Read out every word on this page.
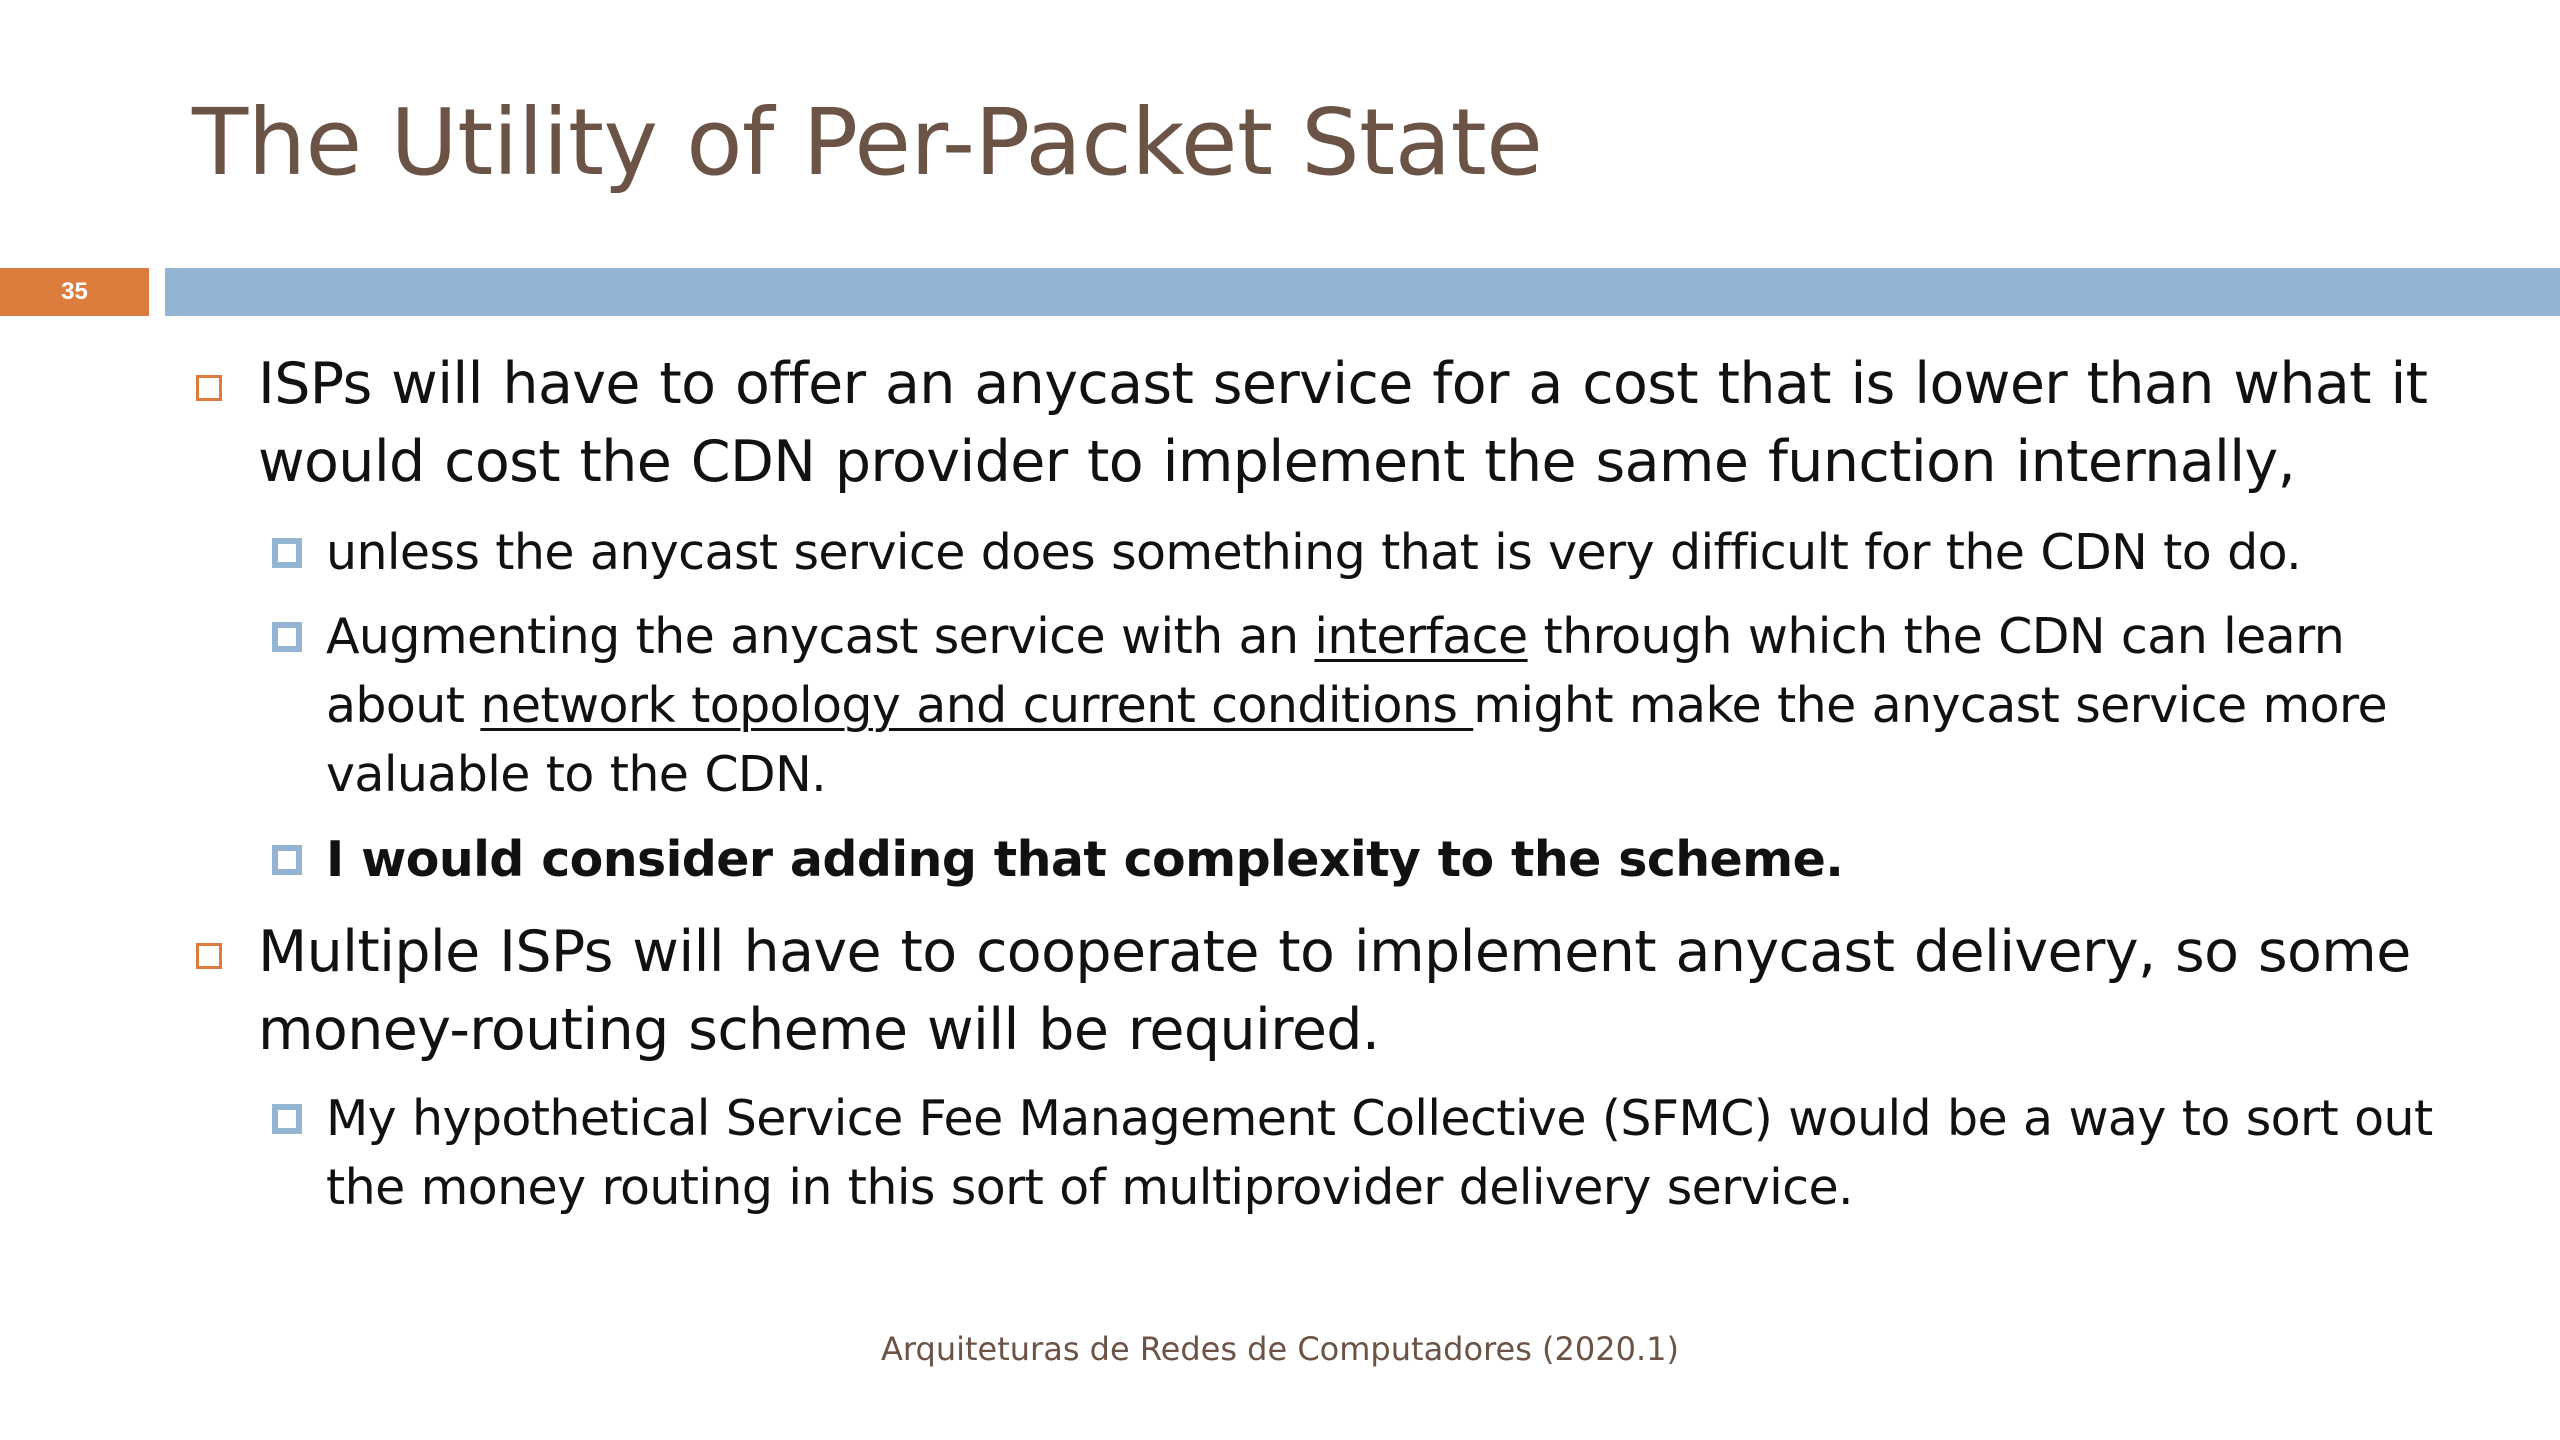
The Utility of Per-Packet State
35
ISPs will have to offer an anycast service for a cost that is lower than what it would cost the CDN provider to implement the same function internally,
unless the anycast service does something that is very difficult for the CDN to do.
Augmenting the anycast service with an interface through which the CDN can learn about network topology and current conditions might make the anycast service more valuable to the CDN.
I would consider adding that complexity to the scheme.
Multiple ISPs will have to cooperate to implement anycast delivery, so some money-routing scheme will be required.
My hypothetical Service Fee Management Collective (SFMC) would be a way to sort out the money routing in this sort of multiprovider delivery service.
Arquiteturas de Redes de Computadores (2020.1)
